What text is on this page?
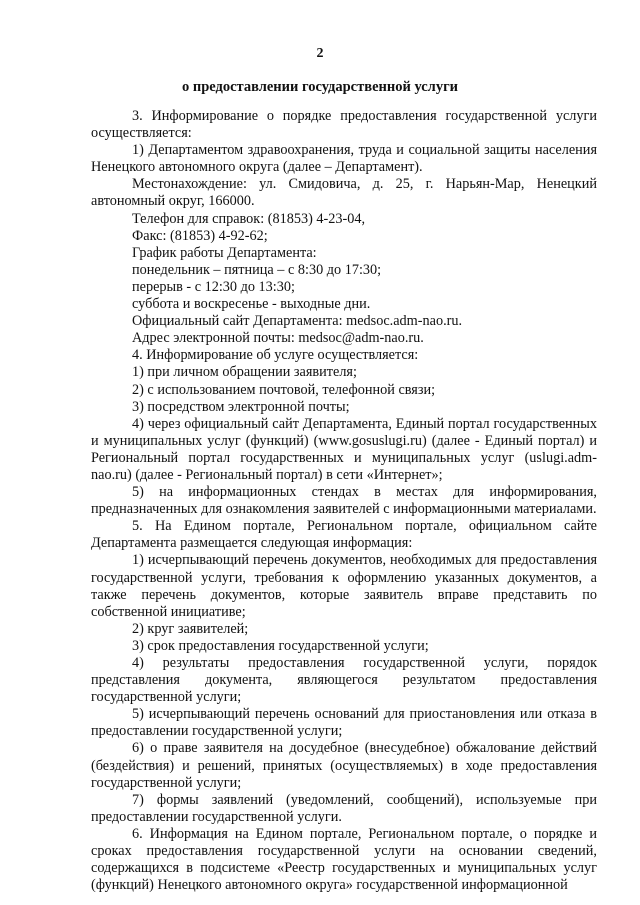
2
о предоставлении государственной услуги

3. Информирование о порядке предоставления государственной услуги осуществляется:

1) Департаментом здравоохранения, труда и социальной защиты населения Ненецкого автономного округа (далее – Департамент).

Местонахождение: ул. Смидовича, д. 25, г. Нарьян-Мар, Ненецкий автономный округ, 166000.

Телефон для справок: (81853) 4-23-04,

Факс: (81853) 4-92-62;

График работы Департамента:

понедельник – пятница – с 8:30 до 17:30;

перерыв - с 12:30 до 13:30;

суббота и воскресенье - выходные дни.

Официальный сайт Департамента: medsoc.adm-nao.ru.

Адрес электронной почты: medsoc@adm-nao.ru.

4. Информирование об услуге осуществляется:

1) при личном обращении заявителя;

2) с использованием почтовой, телефонной связи;

3) посредством электронной почты;

4) через официальный сайт Департамента, Единый портал государственных и муниципальных услуг (функций) (www.gosuslugi.ru) (далее - Единый портал) и Региональный портал государственных и муниципальных услуг (uslugi.adm-nao.ru) (далее - Региональный портал) в сети «Интернет»;

5) на информационных стендах в местах для информирования, предназначенных для ознакомления заявителей с информационными материалами.

5. На Едином портале, Региональном портале, официальном сайте Департамента размещается следующая информация:

1) исчерпывающий перечень документов, необходимых для предоставления государственной услуги, требования к оформлению указанных документов, а также перечень документов, которые заявитель вправе представить по собственной инициативе;

2) круг заявителей;

3) срок предоставления государственной услуги;

4) результаты предоставления государственной услуги, порядок представления документа, являющегося результатом предоставления государственной услуги;

5) исчерпывающий перечень оснований для приостановления или отказа в предоставлении государственной услуги;

6) о праве заявителя на досудебное (внесудебное) обжалование действий (бездействия) и решений, принятых (осуществляемых) в ходе предоставления государственной услуги;

7) формы заявлений (уведомлений, сообщений), используемые при предоставлении государственной услуги.

6. Информация на Едином портале, Региональном портале, о порядке и сроках предоставления государственной услуги на основании сведений, содержащихся в подсистеме «Реестр государственных и муниципальных услуг (функций) Ненецкого автономного округа» государственной информационной
